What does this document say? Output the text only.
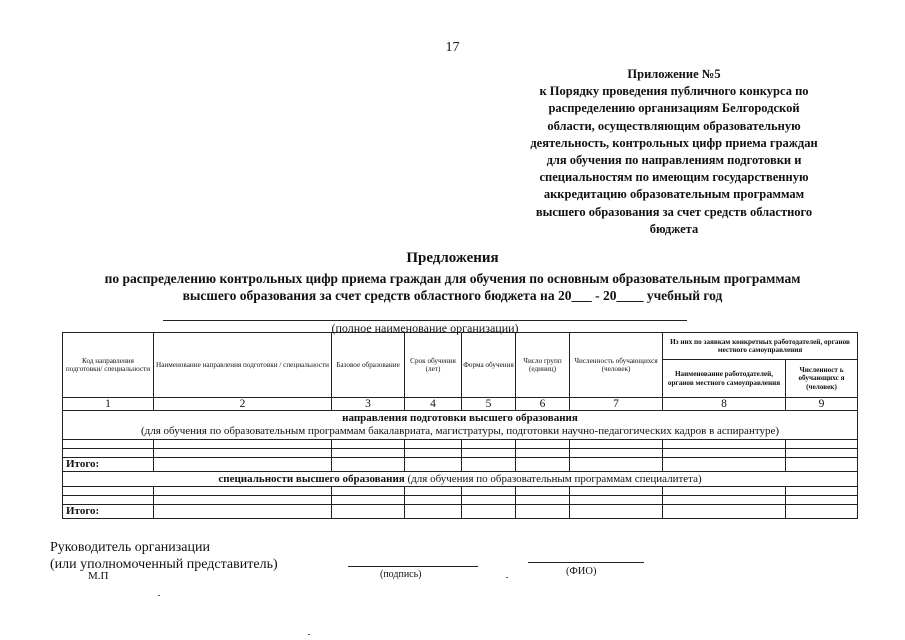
17
Приложение №5
к Порядку проведения публичного конкурса по
распределению организациям Белгородской
области, осуществляющим образовательную
деятельность, контрольных цифр приема граждан
для обучения по направлениям подготовки и
специальностям по имеющим государственную
аккредитацию образовательным программам
высшего образования за счет средств областного
бюджета
Предложения
по распределению контрольных цифр приема граждан для обучения по основным образовательным программам
высшего образования за счет средств областного бюджета на 20___ - 20____ учебный год
(полное наименование организации)
Код направления подготовки/ специальности	Наименование направления подготовки / специальности	Базовое образование	Срок обучения (лет)	Форма обучения	Число групп (единиц)	Численность обучающихся (человек)	Из них по заявкам конкретных работодателей, органов местного самоуправления	
							Наименование работодателей, органов местного самоуправления	Численност ь обучающихс я (человек)
1	2	3	4	5	6	7	8	9
направления подготовки высшего образования
(для обучения по образовательным программам бакалавриата, магистратуры, подготовки научно-педагогических кадров в аспирантуре)								

Итого:								
специальности высшего образования (для обучения по образовательным программам специалитета)								

Итого:								
Руководитель организации
(или уполномоченный представитель)
М.П	(подпись)	(ФИО)
